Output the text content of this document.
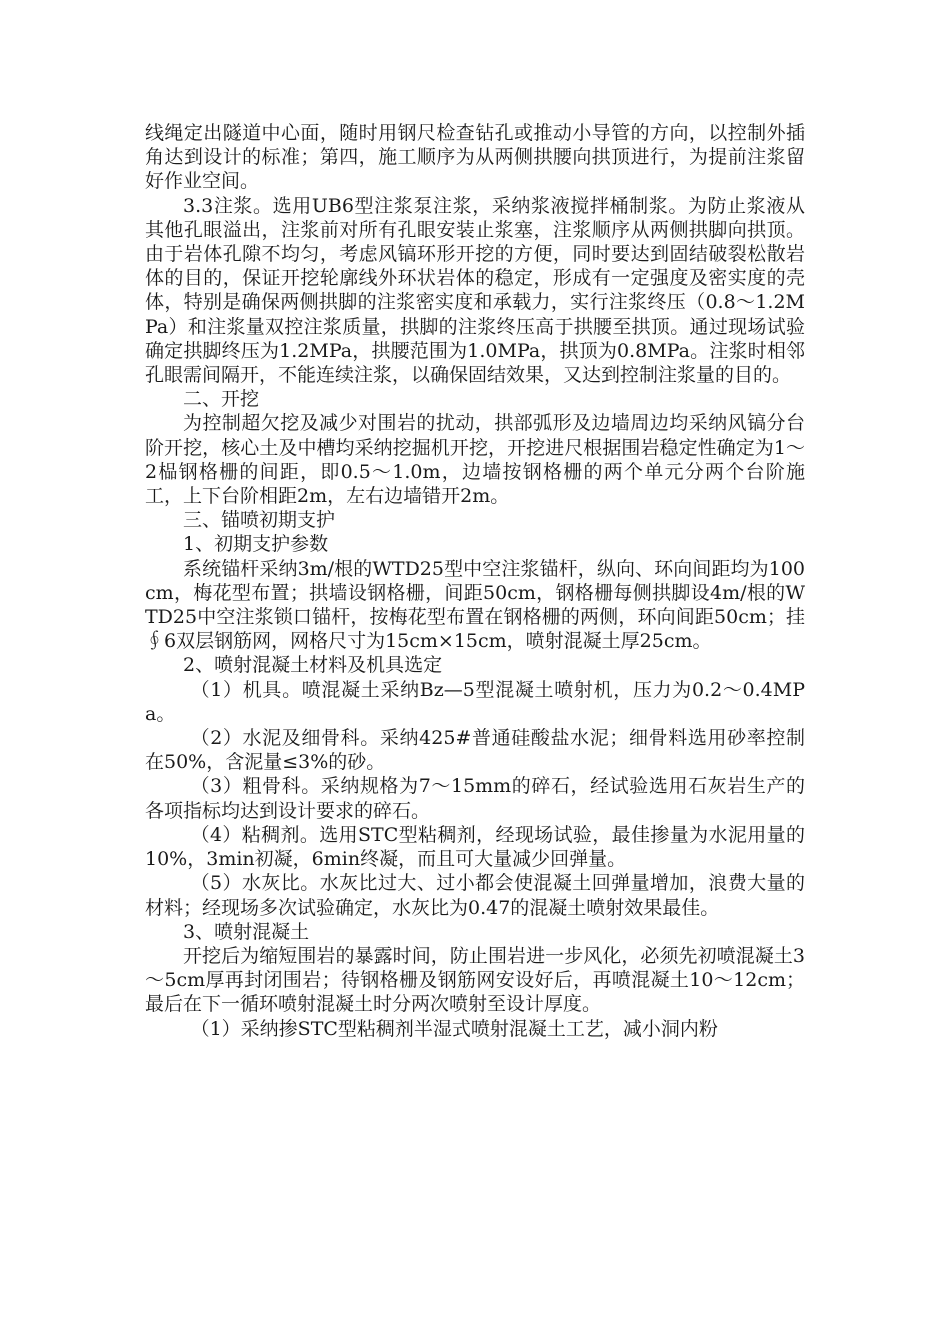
线绳定出隧道中心面，随时用钢尺检查钻孔或推动小导管的方向，以控制外插角达到设计的标准；第四，施工顺序为从两侧拱腰向拱顶进行，为提前注浆留好作业空间。

3.3注浆。选用UB6型注浆泵注浆，采纳浆液搅拌桶制浆。为防止浆液从其他孔眼溢出，注浆前对所有孔眼安装止浆塞，注浆顺序从两侧拱脚向拱顶。由于岩体孔隙不均匀，考虑风镐环形开挖的方便，同时要达到固结破裂松散岩体的目的，保证开挖轮廓线外环状岩体的稳定，形成有一定强度及密实度的壳体，特别是确保两侧拱脚的注浆密实度和承载力，实行注浆终压（0.8～1.2MPa）和注浆量双控注浆质量，拱脚的注浆终压高于拱腰至拱顶。通过现场试验确定拱脚终压为1.2MPa，拱腰范围为1.0MPa，拱顶为0.8MPa。注浆时相邻孔眼需间隔开，不能连续注浆，以确保固结效果，又达到控制注浆量的目的。

二、开挖

为控制超欠挖及减少对围岩的扰动，拱部弧形及边墙周边均采纳风镐分台阶开挖，核心土及中槽均采纳挖掘机开挖，开挖进尺根据围岩稳定性确定为1～2榀钢格栅的间距，即0.5～1.0m，边墙按钢格栅的两个单元分两个台阶施工，上下台阶相距2m，左右边墙错开2m。

三、锚喷初期支护

1、初期支护参数

系统锚杆采纳3m/根的WTD25型中空注浆锚杆，纵向、环向间距均为100cm，梅花型布置；拱墙设钢格栅，间距50cm，钢格栅每侧拱脚设4m/根的WTD25中空注浆锁口锚杆，按梅花型布置在钢格栅的两侧，环向间距50cm；挂∮6双层钢筋网，网格尺寸为15cm×15cm，喷射混凝土厚25cm。

2、喷射混凝土材料及机具选定

（1）机具。喷混凝土采纳Bz—5型混凝土喷射机，压力为0.2～0.4MPa。

（2）水泥及细骨科。采纳425#普通硅酸盐水泥；细骨料选用砂率控制在50%，含泥量≤3%的砂。

（3）粗骨科。采纳规格为7～15mm的碎石，经试验选用石灰岩生产的各项指标均达到设计要求的碎石。

（4）粘稠剂。选用STC型粘稠剂，经现场试验，最佳掺量为水泥用量的10%，3min初凝，6min终凝，而且可大量减少回弹量。

（5）水灰比。水灰比过大、过小都会使混凝土回弹量增加，浪费大量的材料；经现场多次试验确定，水灰比为0.47的混凝土喷射效果最佳。

3、喷射混凝土

开挖后为缩短围岩的暴露时间，防止围岩进一步风化，必须先初喷混凝土3～5cm厚再封闭围岩；待钢格栅及钢筋网安设好后，再喷混凝土10～12cm；最后在下一循环喷射混凝土时分两次喷射至设计厚度。

（1）采纳掺STC型粘稠剂半湿式喷射混凝土工艺，减小洞内粉
